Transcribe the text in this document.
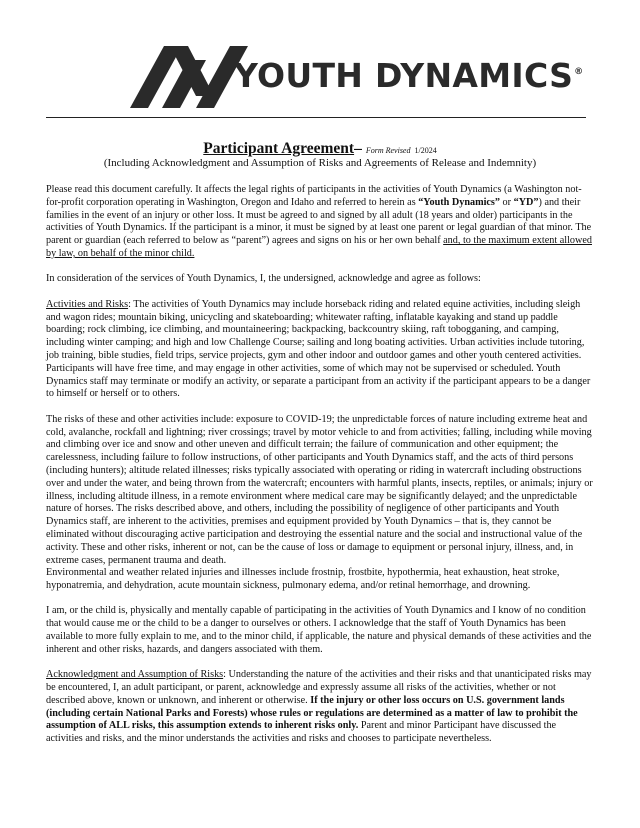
YOUTH DYNAMICS®
Participant Agreement– Form Revised 1/2024
(Including Acknowledgment and Assumption of Risks and Agreements of Release and Indemnity)

Please read this document carefully. It affects the legal rights of participants in the activities of Youth Dynamics (a Washington not-for-profit corporation operating in Washington, Oregon and Idaho and referred to herein as “Youth Dynamics” or “YD”) and their families in the event of an injury or other loss. It must be agreed to and signed by all adult (18 years and older) participants in the activities of Youth Dynamics. If the participant is a minor, it must be signed by at least one parent or legal guardian of that minor. The parent or guardian (each referred to below as “parent”) agrees and signs on his or her own behalf and, to the maximum extent allowed by law, on behalf of the minor child.

In consideration of the services of Youth Dynamics, I, the undersigned, acknowledge and agree as follows:

Activities and Risks: The activities of Youth Dynamics may include horseback riding and related equine activities, including sleigh and wagon rides; mountain biking, unicycling and skateboarding; whitewater rafting, inflatable kayaking and stand up paddle boarding; rock climbing, ice climbing, and mountaineering; backpacking, backcountry skiing, raft tobogganing, and camping, including winter camping; and high and low Challenge Course; sailing and long boating activities. Urban activities include tutoring, job training, bible studies, field trips, service projects, gym and other indoor and outdoor games and other youth centered activities. Participants will have free time, and may engage in other activities, some of which may not be supervised or scheduled. Youth Dynamics staff may terminate or modify an activity, or separate a participant from an activity if the participant appears to be a danger to himself or herself or to others.

The risks of these and other activities include: exposure to COVID-19; the unpredictable forces of nature including extreme heat and cold, avalanche, rockfall and lightning; river crossings; travel by motor vehicle to and from activities; falling, including while moving and climbing over ice and snow and other uneven and difficult terrain; the failure of communication and other equipment; the carelessness, including failure to follow instructions, of other participants and Youth Dynamics staff, and the acts of third persons (including hunters); altitude related illnesses; risks typically associated with operating or riding in watercraft including obstructions over and under the water, and being thrown from the watercraft; encounters with harmful plants, insects, reptiles, or animals; injury or illness, including altitude illness, in a remote environment where medical care may be significantly delayed; and the unpredictable nature of horses. The risks described above, and others, including the possibility of negligence of other participants and Youth Dynamics staff, are inherent to the activities, premises and equipment provided by Youth Dynamics – that is, they cannot be eliminated without discouraging active participation and destroying the essential nature and the social and instructional value of the activity. These and other risks, inherent or not, can be the cause of loss or damage to equipment or personal injury, illness, and, in extreme cases, permanent trauma and death.

Environmental and weather related injuries and illnesses include frostnip, frostbite, hypothermia, heat exhaustion, heat stroke, hyponatremia, and dehydration, acute mountain sickness, pulmonary edema, and/or retinal hemorrhage, and drowning.

I am, or the child is, physically and mentally capable of participating in the activities of Youth Dynamics and I know of no condition that would cause me or the child to be a danger to ourselves or others. I acknowledge that the staff of Youth Dynamics has been available to more fully explain to me, and to the minor child, if applicable, the nature and physical demands of these activities and the inherent and other risks, hazards, and dangers associated with them.

Acknowledgment and Assumption of Risks: Understanding the nature of the activities and their risks and that unanticipated risks may be encountered, I, an adult participant, or parent, acknowledge and expressly assume all risks of the activities, whether or not described above, known or unknown, and inherent or otherwise. If the injury or other loss occurs on U.S. government lands (including certain National Parks and Forests) whose rules or regulations are determined as a matter of law to prohibit the assumption of ALL risks, this assumption extends to inherent risks only. Parent and minor Participant have discussed the activities and risks, and the minor understands the activities and risks and chooses to participate nevertheless.
